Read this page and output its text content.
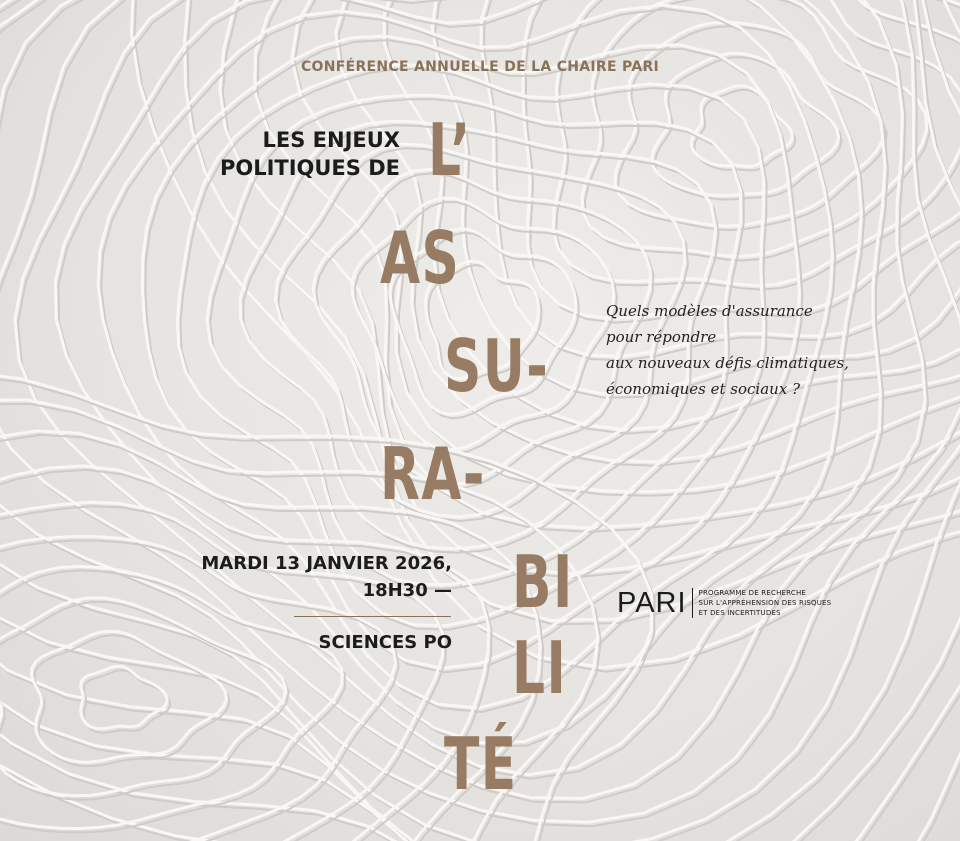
CONFÉRENCE ANNUELLE DE LA CHAIRE PARI
LES ENJEUX
POLITIQUES DE L’
AS
SU-
RA-
BI
LI
TÉ
Quels modèles d'assurance
pour répondre
aux nouveaux défis climatiques,
économiques et sociaux ?
MARDI 13 JANVIER 2026,
18H30 —
SCIENCES PO
PARI PROGRAMME DE RECHERCHE
SUR L'APPRÉHENSION DES RISQUES
ET DES INCERTITUDES
